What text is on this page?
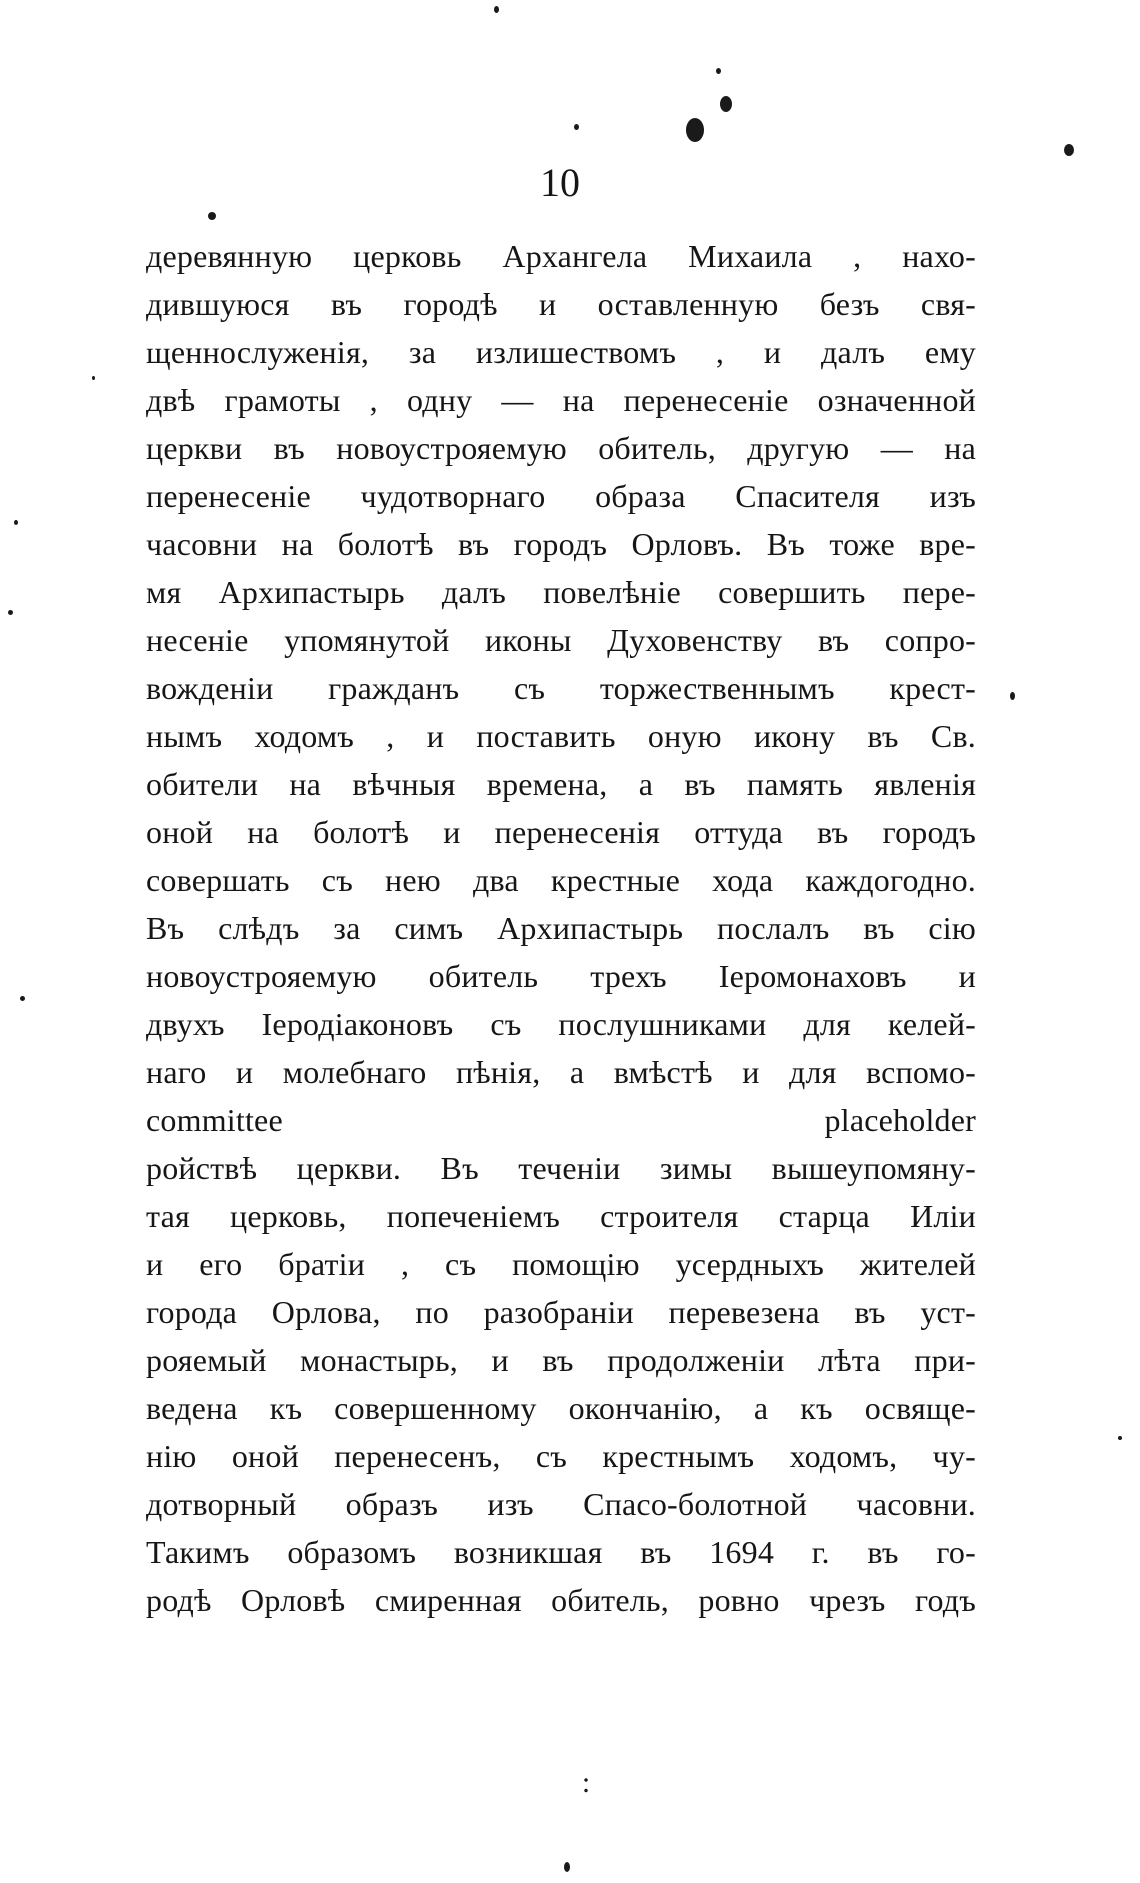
10
деревянную церковь Архангела Михаила , нахо-
дившуюся въ городѣ и оставленную безъ свя-
щеннослуженія, за излишествомъ , и далъ ему
двѣ грамоты , одну — на перенесеніе означенной
церкви въ новоустрояемую обитель, другую — на
перенесеніе чудотворнаго образа Спасителя изъ
часовни на болотѣ въ городъ Орловъ. Въ тоже вре-
мя Архипастырь далъ повелѣніе совершить пере-
несеніе упомянутой иконы Духовенству въ сопро-
вожденіи гражданъ съ торжественнымъ крест-
нымъ ходомъ , и поставить оную икону въ Св.
обители на вѣчныя времена, а въ память явленія
оной на болотѣ и перенесенія оттуда въ городъ
совершать съ нею два крестные хода каждогодно.
Въ слѣдъ за симъ Архипастырь послалъ въ сію
новоустрояемую обитель трехъ Іеромонаховъ и
двухъ Іеродіаконовъ съ послушниками для келей-
наго и молебнаго пѣнія, а вмѣстѣ и для вспомо-
committee placeholder
ройствѣ церкви. Въ теченіи зимы вышеупомяну-
тая церковь, попеченіемъ строителя старца Иліи
и его братіи , съ помощію усердныхъ жителей
города Орлова, по разобраніи перевезена въ уст-
рояемый монастырь, и въ продолженіи лѣта при-
ведена къ совершенному окончанію, а къ освяще-
нію оной перенесенъ, съ крестнымъ ходомъ, чу-
дотворный образъ изъ Спасо-болотной часовни.
Такимъ образомъ возникшая въ 1694 г. въ го-
родѣ Орловѣ смиренная обитель, ровно чрезъ годъ
:
